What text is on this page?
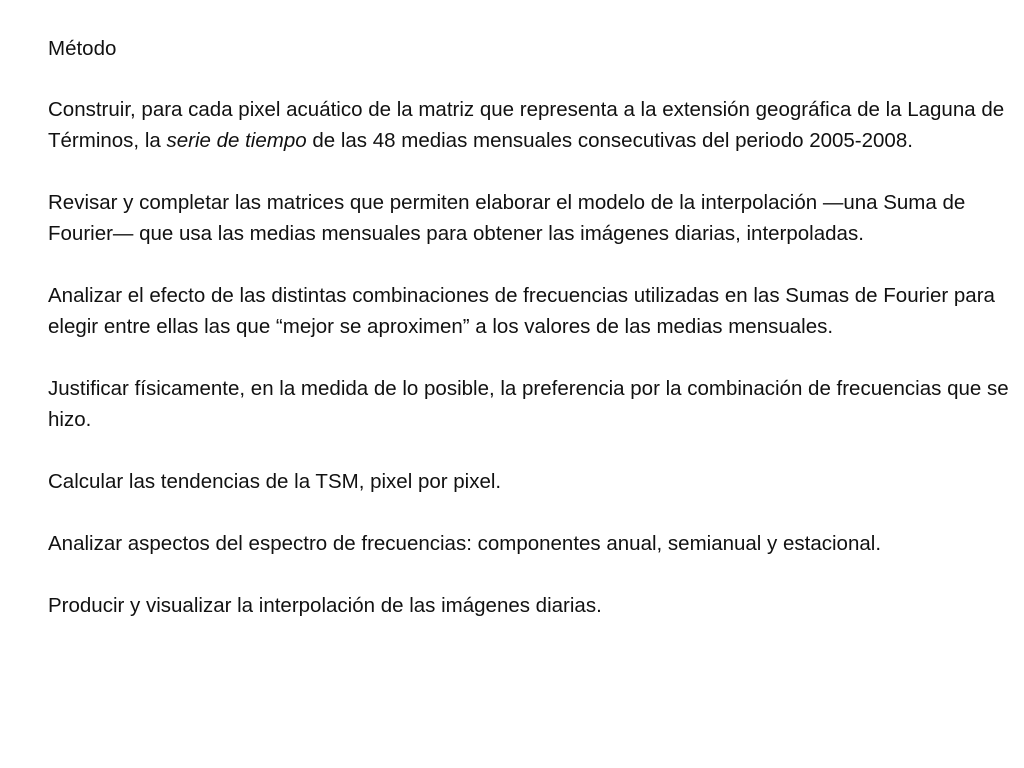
Método

Construir, para cada pixel acuático de la matriz que representa a la extensión geográfica de la Laguna de Términos, la serie de tiempo de las 48 medias mensuales consecutivas del periodo 2005-2008.

Revisar y completar las matrices que permiten elaborar el modelo de la interpolación —una Suma de Fourier— que usa las medias mensuales para obtener las imágenes diarias, interpoladas.

Analizar el efecto de las distintas combinaciones de frecuencias utilizadas en las Sumas de Fourier para elegir entre ellas las que “mejor se aproximen” a los valores de las medias mensuales.

Justificar físicamente, en la medida de lo posible, la preferencia por la combinación de frecuencias que se hizo.

Calcular las tendencias de la TSM, pixel por pixel.

Analizar aspectos del espectro de frecuencias: componentes anual, semianual y estacional.

Producir y visualizar la interpolación de las imágenes diarias.
